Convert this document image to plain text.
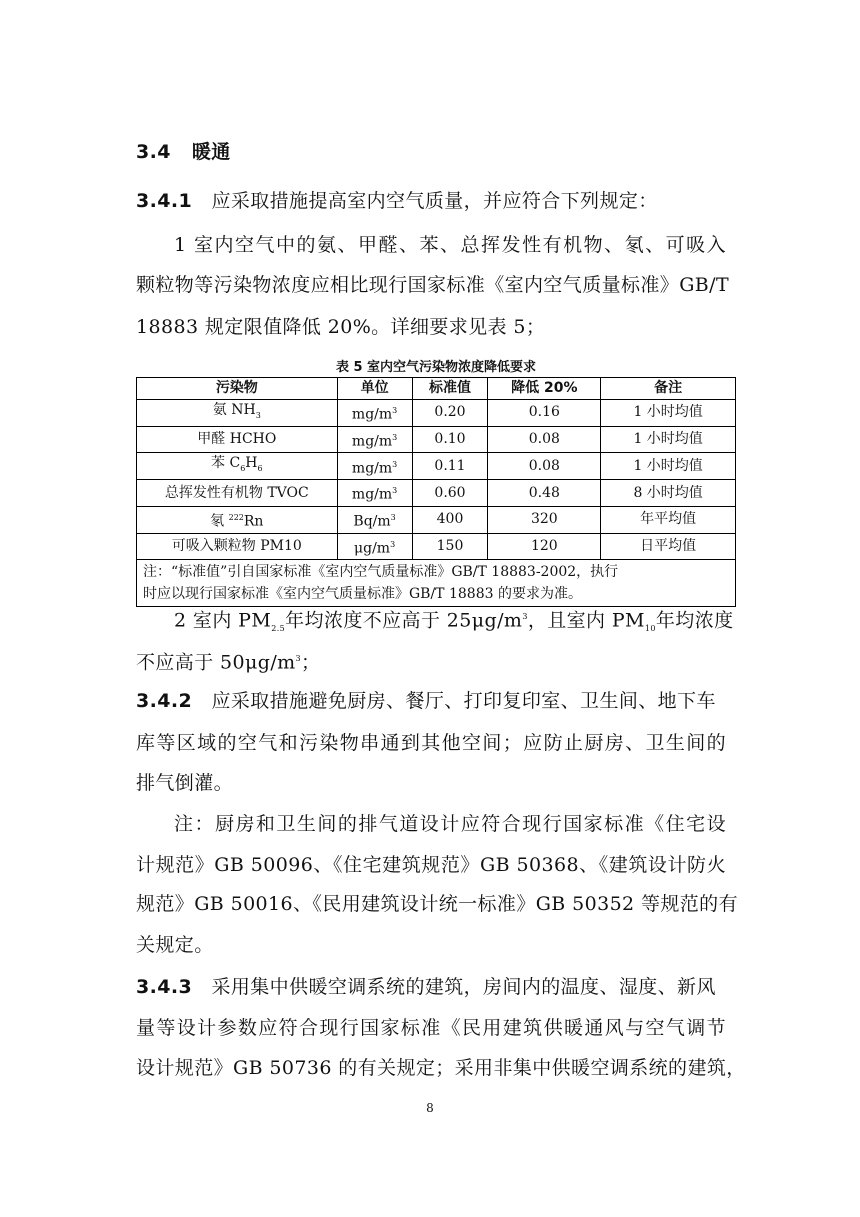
3.4 暖通
3.4.1 应采取措施提高室内空气质量，并应符合下列规定：
1 室内空气中的氨、甲醛、苯、总挥发性有机物、氡、可吸入
颗粒物等污染物浓度应相比现行国家标准《室内空气质量标准》GB/T
18883 规定限值降低 20%。详细要求见表 5；
表 5 室内空气污染物浓度降低要求
污染物	单位	标准值	降低 20%	备注
氨 $NH_3$	$mg/m^3$	0.20	0.16	1 小时均值
甲醛 HCHO	$mg/m^3$	0.10	0.08	1 小时均值
苯 $C_6H_6$	$mg/m^3$	0.11	0.08	1 小时均值
总挥发性有机物 TVOC	$mg/m^3$	0.60	0.48	8 小时均值
氡 $^{222}$Rn	$Bq/m^3$	400	320	年平均值
可吸入颗粒物 PM10	$\mu g/m^3$	150	120	日平均值

注：“标准值”引自国家标准《室内空气质量标准》GB/T 18883-2002，执行
时应以现行国家标准《室内空气质量标准》GB/T 18883 的要求为准。				
2 室内 $PM_{2.5}$年均浓度不应高于 $25\mu g/m^3$，且室内 $PM_{10}$年均浓度
不应高于 $50\mu g/m^3$；
3.4.2 应采取措施避免厨房、餐厅、打印复印室、卫生间、地下车
库等区域的空气和污染物串通到其他空间；应防止厨房、卫生间的
排气倒灌。
注：厨房和卫生间的排气道设计应符合现行国家标准《住宅设
计规范》GB 50096、《住宅建筑规范》GB 50368、《建筑设计防火
规范》GB 50016、《民用建筑设计统一标准》GB 50352 等规范的有
关规定。
3.4.3 采用集中供暖空调系统的建筑，房间内的温度、湿度、新风
量等设计参数应符合现行国家标准《民用建筑供暖通风与空气调节
设计规范》GB 50736 的有关规定；采用非集中供暖空调系统的建筑，
8
